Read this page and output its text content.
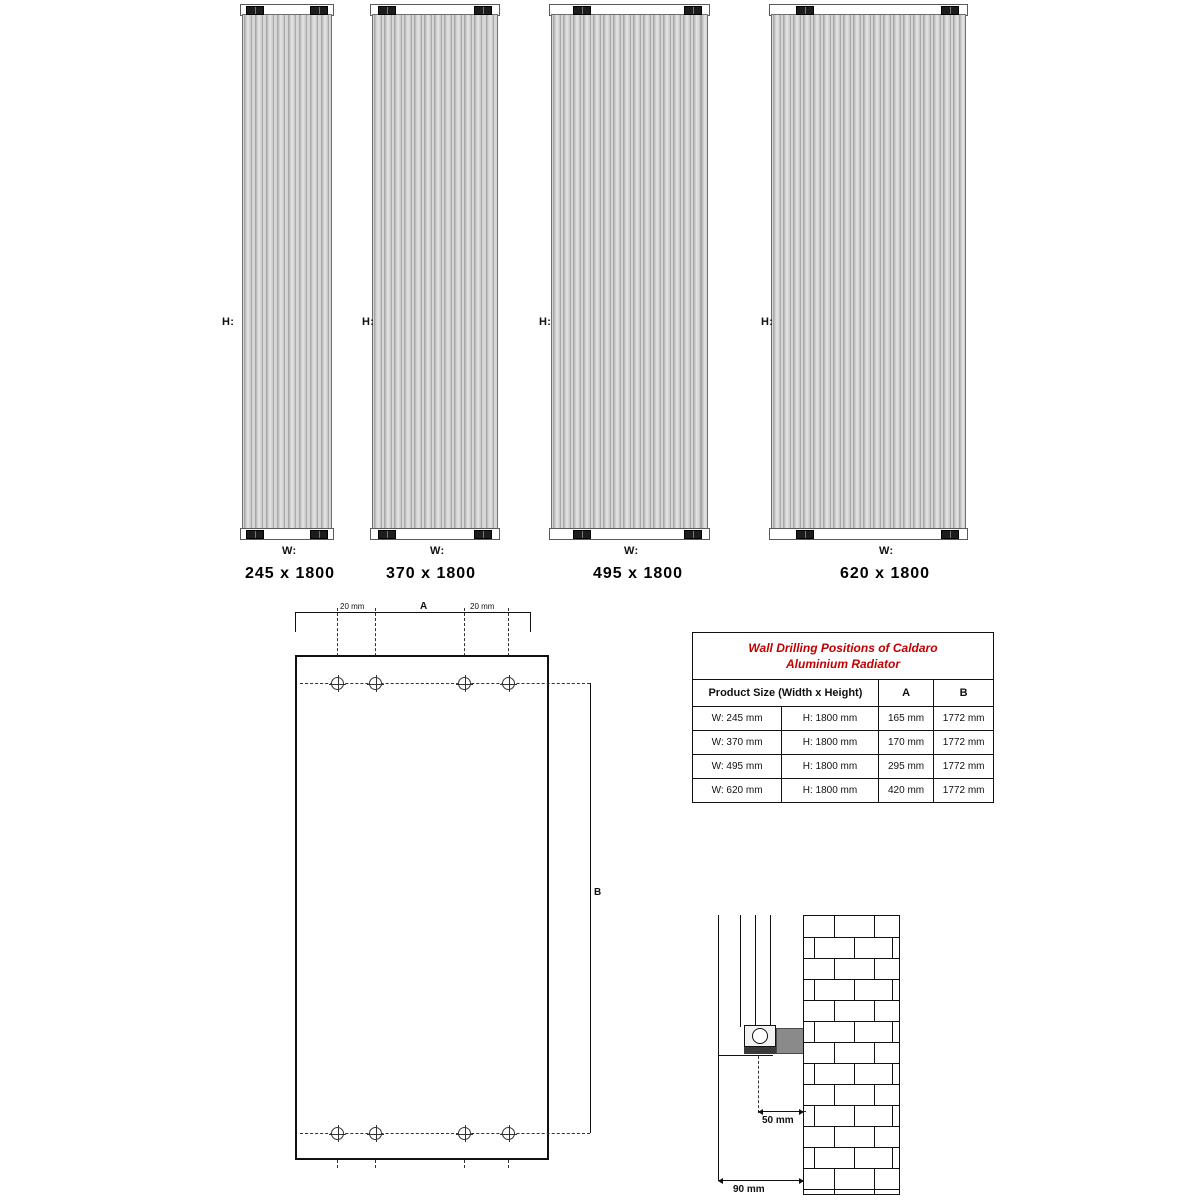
H:
W:
245 x 1800
H:
W:
370 x 1800
H:
W:
495 x 1800
H:
W:
620 x 1800
20 mm	A	20 mm
B
Wall Drilling Positions of Caldaro
Aluminium Radiator			
Product Size (Width x Height)		A	B
W: 245 mm	H: 1800 mm	165 mm	1772 mm
W: 370 mm	H: 1800 mm	170 mm	1772 mm
W: 495 mm	H: 1800 mm	295 mm	1772 mm
W: 620 mm	H: 1800 mm	420 mm	1772 mm
50 mm
90 mm
